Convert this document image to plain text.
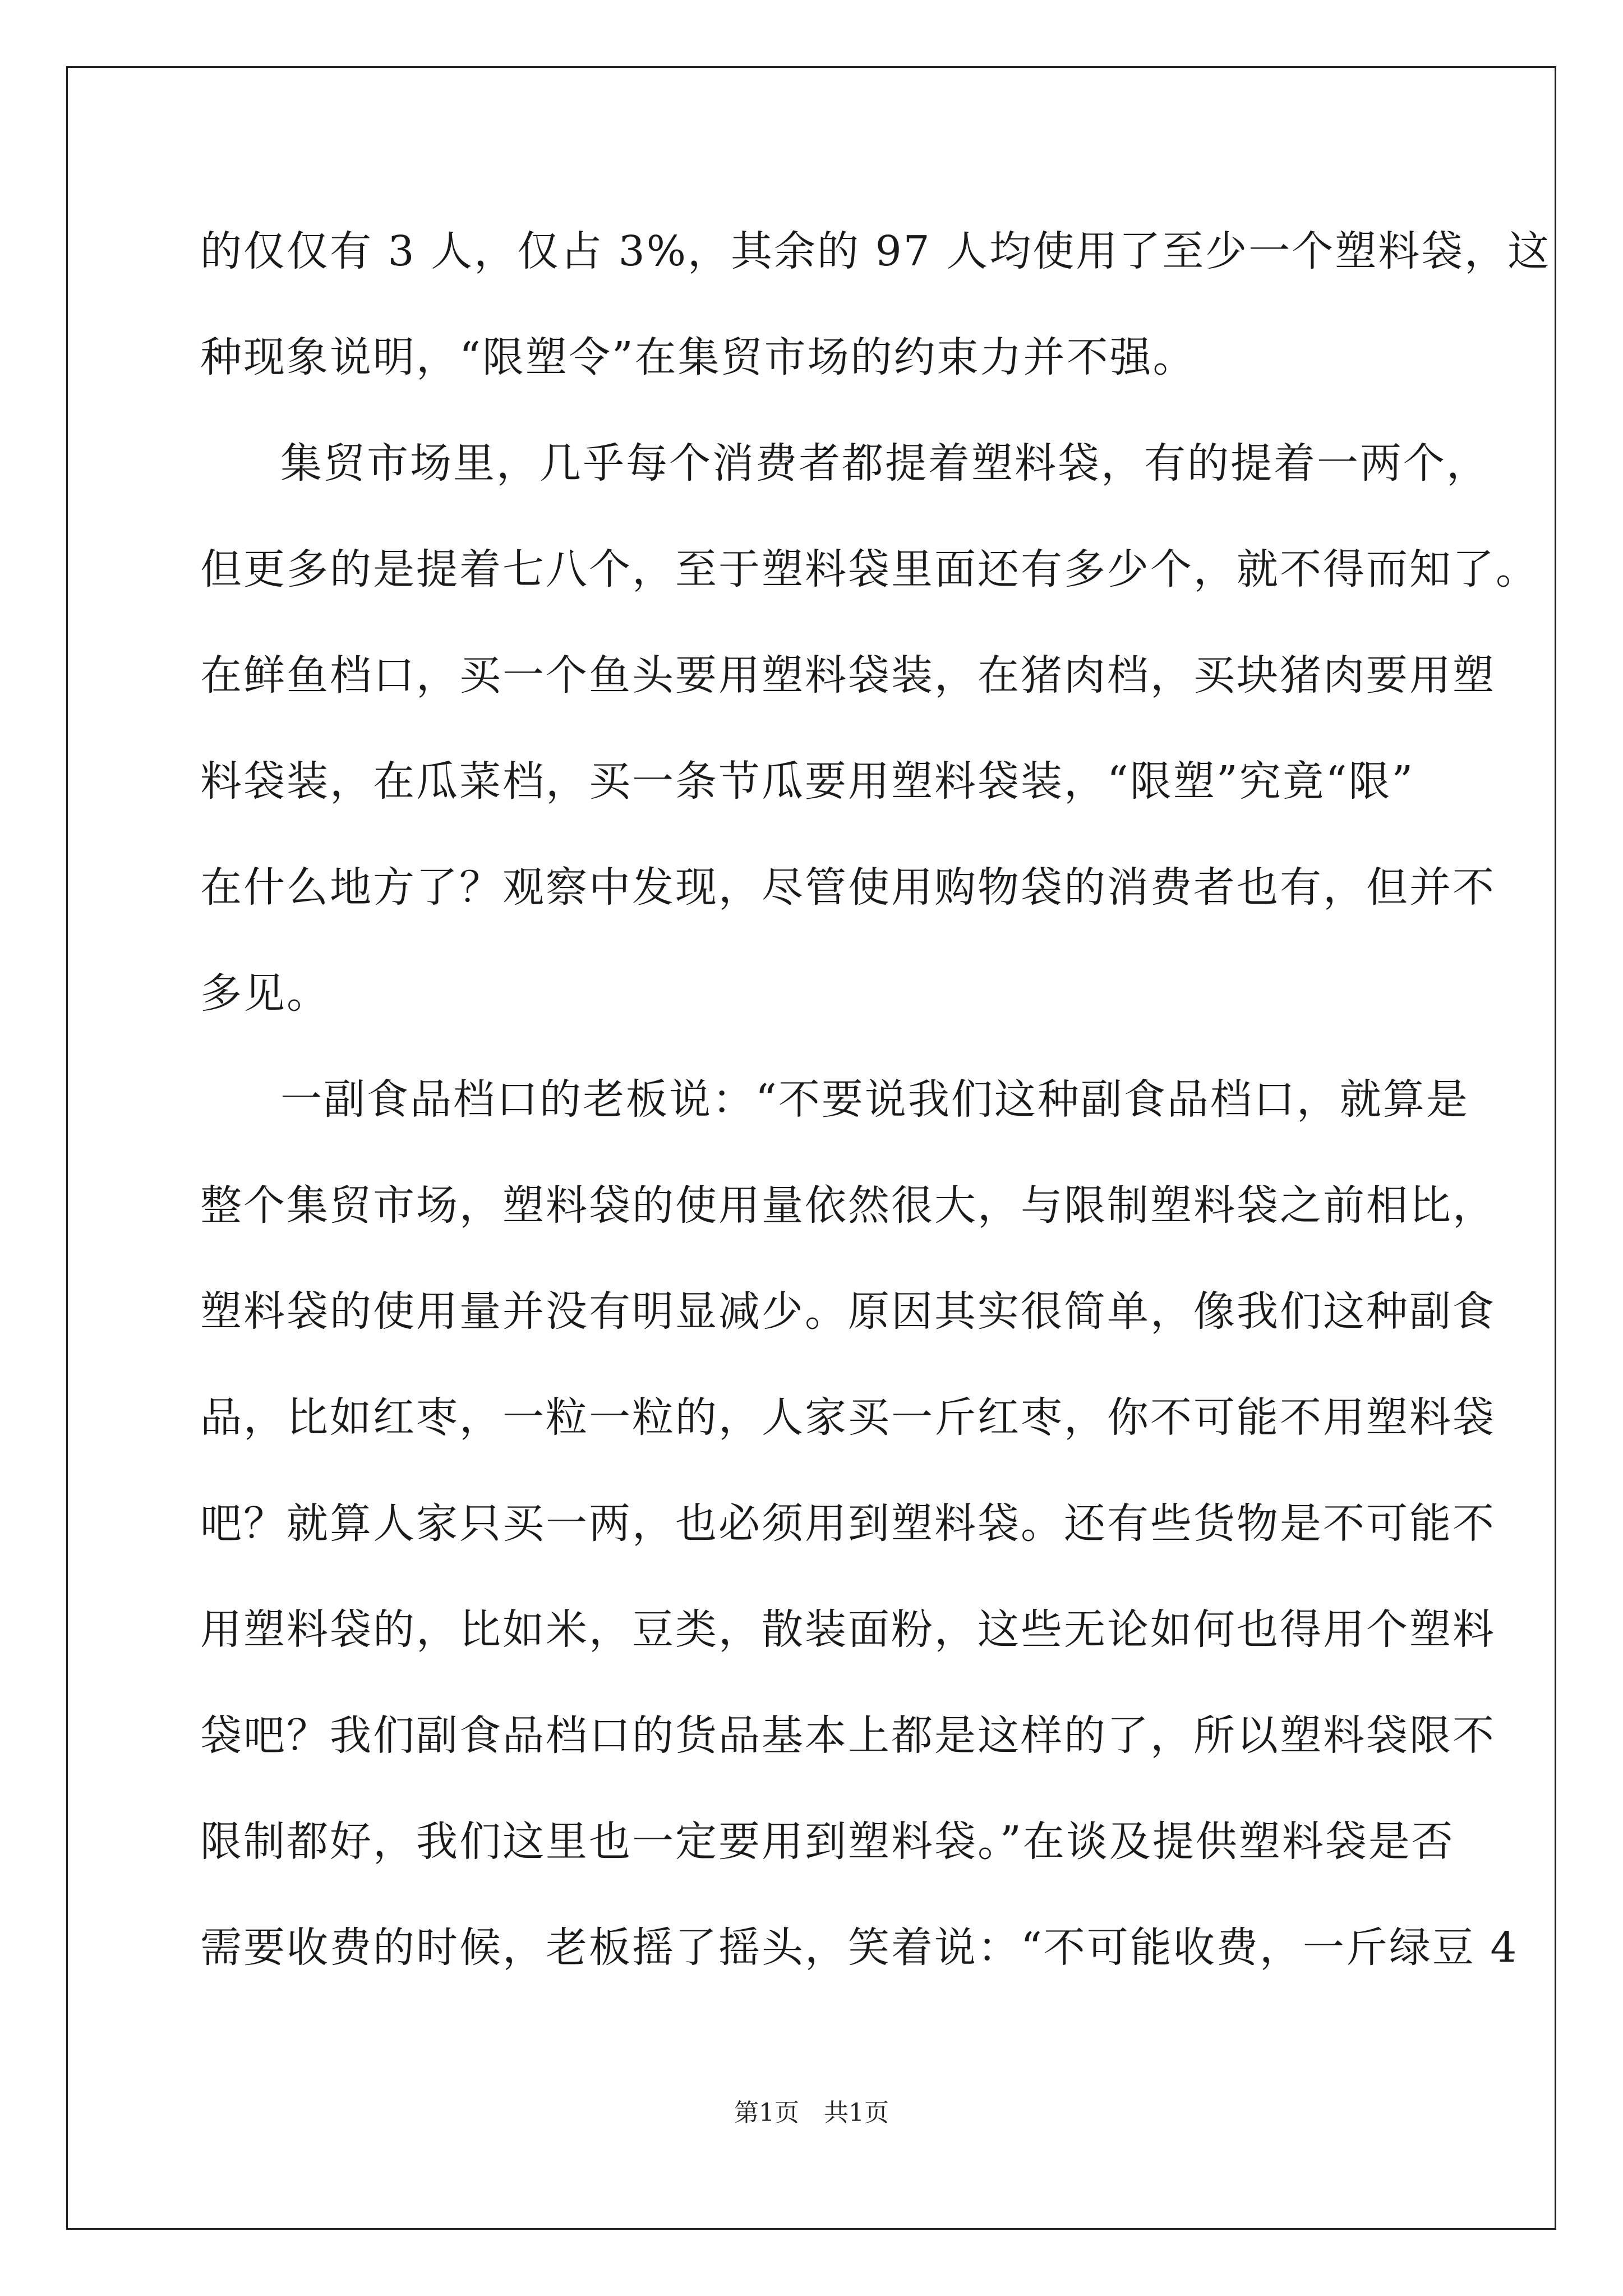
的仅仅有 3 人，仅占 3%，其余的 97 人均使用了至少一个塑料袋，这
种现象说明，“限塑令”在集贸市场的约束力并不强。
集贸市场里，几乎每个消费者都提着塑料袋，有的提着一两个，
但更多的是提着七八个，至于塑料袋里面还有多少个，就不得而知了。
在鲜鱼档口，买一个鱼头要用塑料袋装，在猪肉档，买块猪肉要用塑
料袋装，在瓜菜档，买一条节瓜要用塑料袋装，“限塑”究竟“限”
在什么地方了？观察中发现，尽管使用购物袋的消费者也有，但并不
多见。
一副食品档口的老板说：“不要说我们这种副食品档口，就算是
整个集贸市场，塑料袋的使用量依然很大，与限制塑料袋之前相比，
塑料袋的使用量并没有明显减少。原因其实很简单，像我们这种副食
品，比如红枣，一粒一粒的，人家买一斤红枣，你不可能不用塑料袋
吧？就算人家只买一两，也必须用到塑料袋。还有些货物是不可能不
用塑料袋的，比如米，豆类，散装面粉，这些无论如何也得用个塑料
袋吧？我们副食品档口的货品基本上都是这样的了，所以塑料袋限不
限制都好，我们这里也一定要用到塑料袋。”在谈及提供塑料袋是否
需要收费的时候，老板摇了摇头，笑着说：“不可能收费，一斤绿豆 4
第1页　共1页
